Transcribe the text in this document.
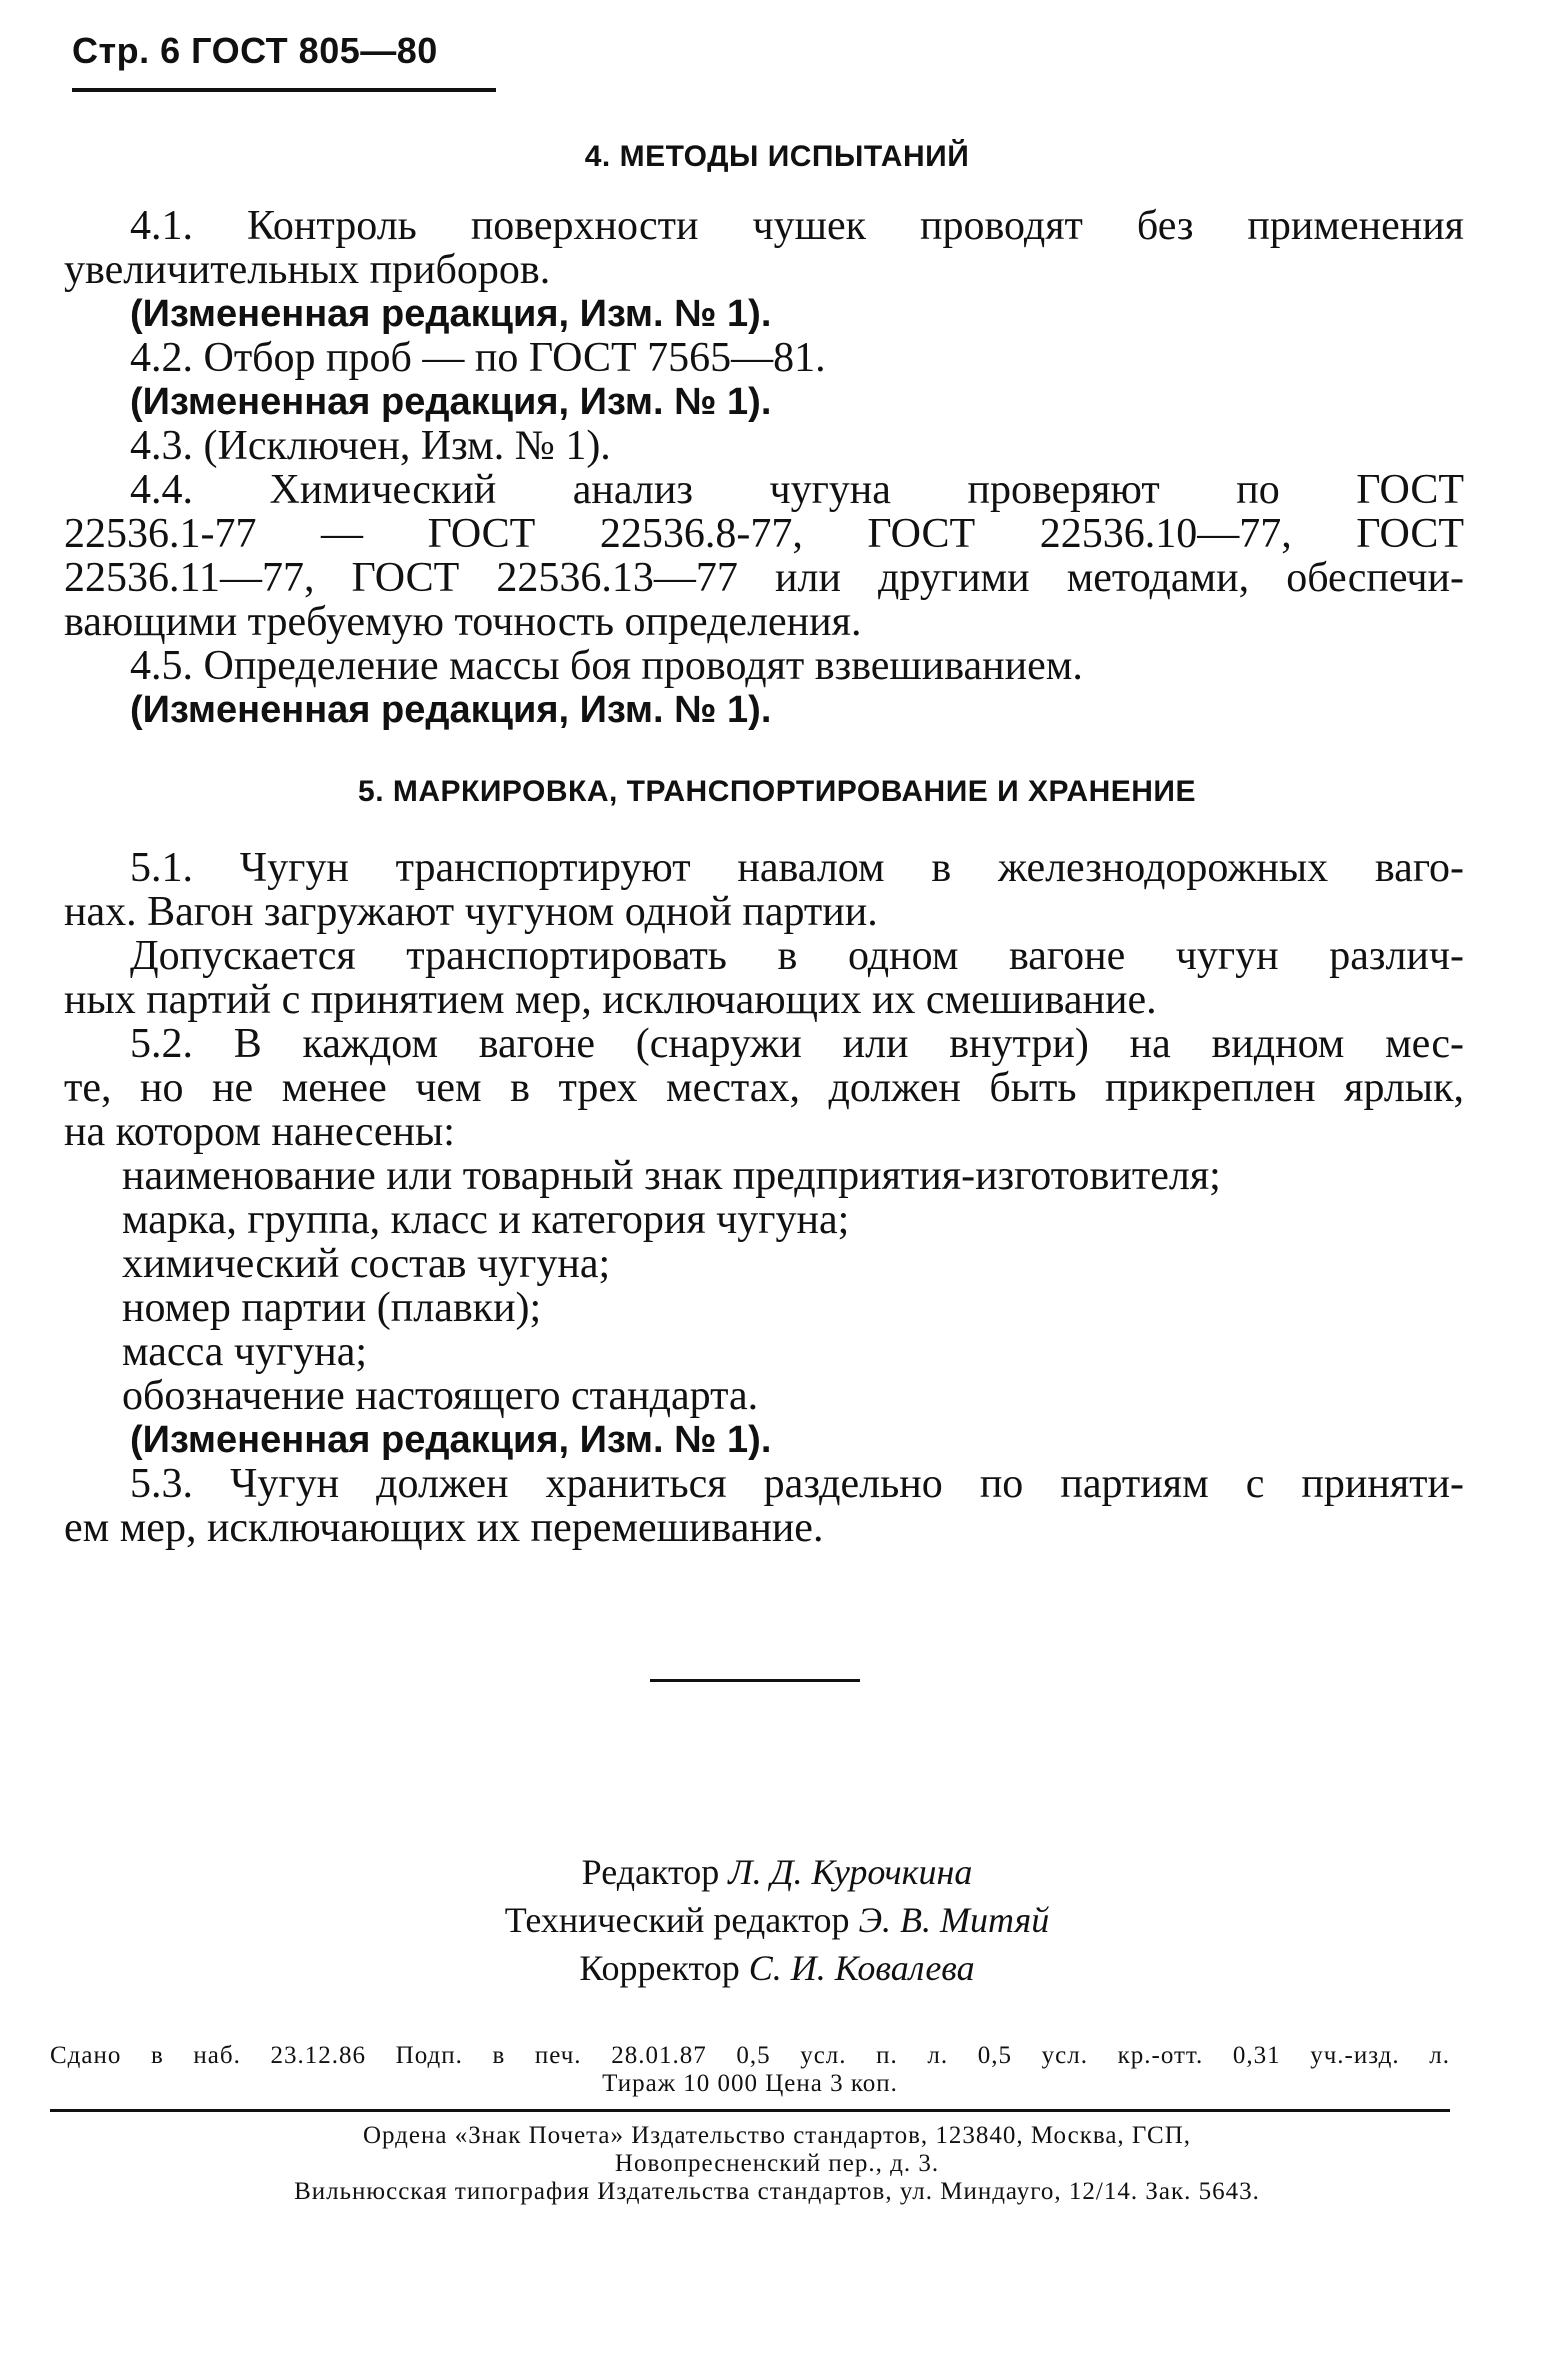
Стр. 6 ГОСТ 805—80
4. МЕТОДЫ ИСПЫТАНИЙ

4.1. Контроль поверхности чушек проводят без применения

увеличительных приборов.

(Измененная редакция, Изм. № 1).

4.2. Отбор проб — по ГОСТ 7565—81.

(Измененная редакция, Изм. № 1).

4.3. (Исключен, Изм. № 1).

4.4. Химический анализ чугуна проверяют по ГОСТ

22536.1-77 — ГОСТ 22536.8-77, ГОСТ 22536.10—77, ГОСТ

22536.11—77, ГОСТ 22536.13—77 или другими методами, обеспечи-

вающими требуемую точность определения.

4.5. Определение массы боя проводят взвешиванием.

(Измененная редакция, Изм. № 1).

5. МАРКИРОВКА, ТРАНСПОРТИРОВАНИЕ И ХРАНЕНИЕ

5.1. Чугун транспортируют навалом в железнодорожных ваго-

нах. Вагон загружают чугуном одной партии.

Допускается транспортировать в одном вагоне чугун различ-

ных партий с принятием мер, исключающих их смешивание.

5.2. В каждом вагоне (снаружи или внутри) на видном мес-

те, но не менее чем в трех местах, должен быть прикреплен ярлык,

на котором нанесены:

наименование или товарный знак предприятия-изготовителя;

марка, группа, класс и категория чугуна;

химический состав чугуна;

номер партии (плавки);

масса чугуна;

обозначение настоящего стандарта.

(Измененная редакция, Изм. № 1).

5.3. Чугун должен храниться раздельно по партиям с приняти-

ем мер, исключающих их перемешивание.

Редактор Л. Д. Курочкина
Технический редактор Э. В. Митяй
Корректор С. И. Ковалева
Сдано в наб. 23.12.86 Подп. в печ. 28.01.87 0,5 усл. п. л. 0,5 усл. кр.-отт. 0,31 уч.-изд. л.
Тираж 10 000 Цена 3 коп.
Ордена «Знак Почета» Издательство стандартов, 123840, Москва, ГСП,
Новопресненский пер., д. 3.
Вильнюсская типография Издательства стандартов, ул. Миндауго, 12/14. Зак. 5643.
